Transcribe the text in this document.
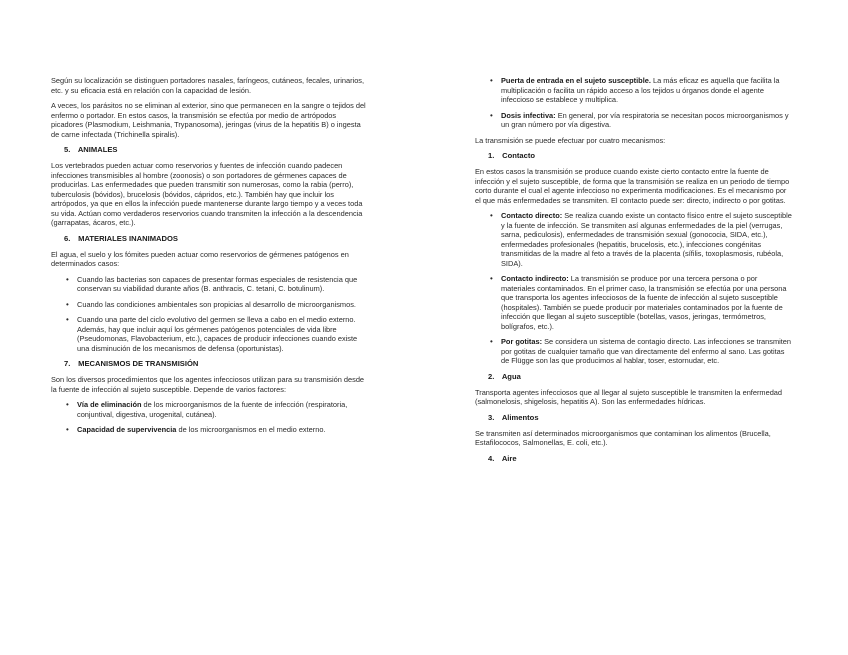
Según su localización se distinguen portadores nasales, faríngeos, cutáneos, fecales, urinarios, etc. y su eficacia está en relación con la capacidad de lesión.

A veces, los parásitos no se eliminan al exterior, sino que permanecen en la sangre o tejidos del enfermo o portador. En estos casos, la transmisión se efectúa por medio de artrópodos picadores (Plasmodium, Leishmania, Trypanosoma), jeringas (virus de la hepatitis B) o ingesta de carne infectada (Trichinella spiralis).

5. ANIMALES

Los vertebrados pueden actuar como reservorios y fuentes de infección cuando padecen infecciones transmisibles al hombre (zoonosis) o son portadores de gérmenes capaces de producirlas. Las enfermedades que pueden transmitir son numerosas, como la rabia (perro), tuberculosis (bóvidos), brucelosis (bóvidos, cápridos, etc.). También hay que incluir los artrópodos, ya que en ellos la infección puede mantenerse durante largo tiempo y a veces toda su vida. Actúan como verdaderos reservorios cuando transmiten la infección a la descendencia (garrapatas, ácaros, etc.).

6. MATERIALES INANIMADOS

El agua, el suelo y los fómites pueden actuar como reservorios de gérmenes patógenos en determinados casos:

• Cuando las bacterias son capaces de presentar formas especiales de resistencia que conservan su viabilidad durante años (B. anthracis, C. tetani, C. botulinum).
• Cuando las condiciones ambientales son propicias al desarrollo de microorganismos.
• Cuando una parte del ciclo evolutivo del germen se lleva a cabo en el medio externo. Además, hay que incluir aquí los gérmenes patógenos potenciales de vida libre (Pseudomonas, Flavobacterium, etc.), capaces de producir infecciones cuando existe una disminución de los mecanismos de defensa (oportunistas).
7. MECANISMOS DE TRANSMISIÓN

Son los diversos procedimientos que los agentes infecciosos utilizan para su transmisión desde la fuente de infección al sujeto susceptible. Depende de varios factores:

• Vía de eliminación de los microorganismos de la fuente de infección (respiratoria, conjuntival, digestiva, urogenital, cutánea).
• Capacidad de supervivencia de los microorganismos en el medio externo.
• Puerta de entrada en el sujeto susceptible. La más eficaz es aquella que facilita la multiplicación o facilita un rápido acceso a los tejidos u órganos donde el agente infeccioso se establece y multiplica.
• Dosis infectiva: En general, por vía respiratoria se necesitan pocos microorganismos y un gran número por vía digestiva.

La transmisión se puede efectuar por cuatro mecanismos:

1. Contacto

En estos casos la transmisión se produce cuando existe cierto contacto entre la fuente de infección y el sujeto susceptible, de forma que la transmisión se realiza en un periodo de tiempo corto durante el cual el agente infeccioso no experimenta modificaciones. Es el mecanismo por el que más enfermedades se transmiten. El contacto puede ser: directo, indirecto o por gotitas.

• Contacto directo: Se realiza cuando existe un contacto físico entre el sujeto susceptible y la fuente de infección. Se transmiten así algunas enfermedades de la piel (verrugas, sarna, pediculosis), enfermedades de transmisión sexual (gonococia, SIDA, etc.), enfermedades profesionales (hepatitis, brucelosis, etc.), infecciones congénitas transmitidas de la madre al feto a través de la placenta (sífilis, toxoplasmosis, rubéola, SIDA).
• Contacto indirecto: La transmisión se produce por una tercera persona o por materiales contaminados. En el primer caso, la transmisión se efectúa por una persona que transporta los agentes infecciosos de la fuente de infección al sujeto susceptible (hospitales). También se puede producir por materiales contaminados por la fuente de infección que llegan al sujeto susceptible (botellas, vasos, jeringas, termómetros, bolígrafos, etc.).
• Por gotitas: Se considera un sistema de contagio directo. Las infecciones se transmiten por gotitas de cualquier tamaño que van directamente del enfermo al sano. Las gotitas de Flügge son las que producimos al hablar, toser, estornudar, etc.
2. Agua

Transporta agentes infecciosos que al llegar al sujeto susceptible le transmiten la enfermedad (salmonelosis, shigelosis, hepatitis A). Son las enfermedades hídricas.

3. Alimentos

Se transmiten así determinados microorganismos que contaminan los alimentos (Brucella, Estafilococos, Salmonellas, E. coli, etc.).

4. Aire
